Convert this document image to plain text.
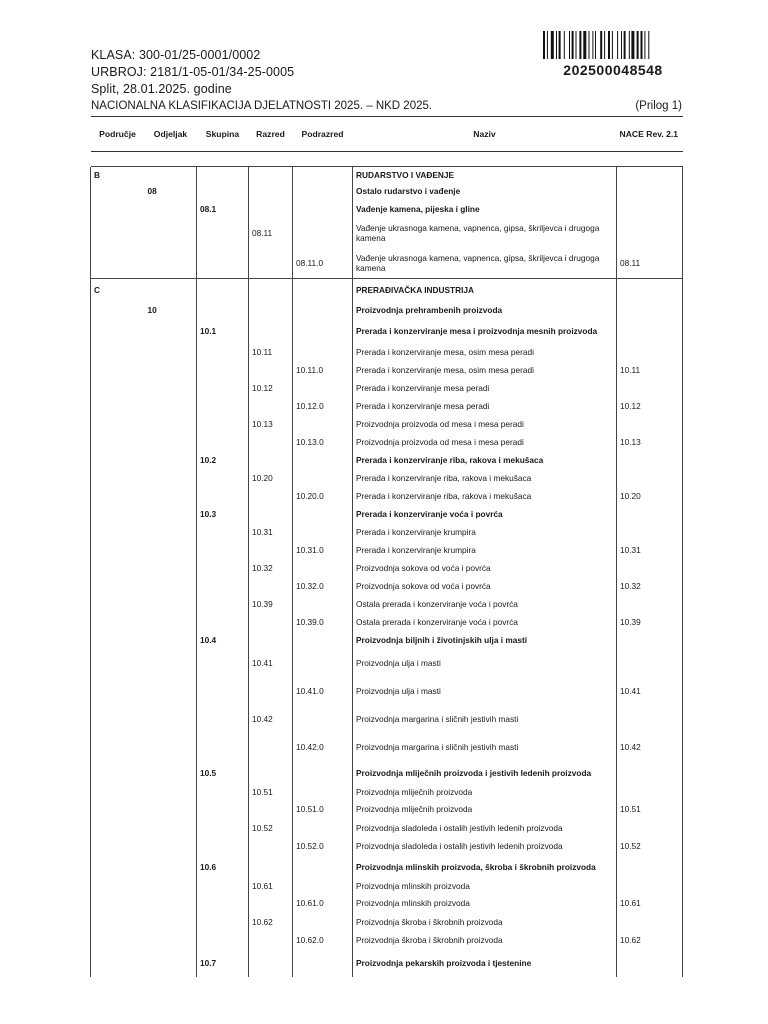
KLASA: 300-01/25-0001/0002
URBROJ: 2181/1-05-01/34-25-0005
Split, 28.01.2025. godine
202500048548
NACIONALNA KLASIFIKACIJA DJELATNOSTI 2025. – NKD 2025.	(Prilog 1)
Područje	Odjeljak	Skupina	Razred	Podrazred	Naziv	NACE Rev. 2.1

B					RUDARSTVO I VAĐENJE	
	08				Ostalo rudarstvo i vađenje	
		08.1			Vađenje kamena, pijeska i gline	
			08.11		Vađenje ukrasnoga kamena, vapnenca, gipsa, škriljevca i drugoga kamena	
				08.11.0	Vađenje ukrasnoga kamena, vapnenca, gipsa, škriljevca i drugoga kamena	08.11

C					PRERAĐIVAČKA INDUSTRIJA	
	10				Proizvodnja prehrambenih proizvoda	
		10.1			Prerada i konzerviranje mesa i proizvodnja mesnih proizvoda	
			10.11		Prerada i konzerviranje mesa, osim mesa peradi	
				10.11.0	Prerada i konzerviranje mesa, osim mesa peradi	10.11
			10.12		Prerada i konzerviranje mesa peradi	
				10.12.0	Prerada i konzerviranje mesa peradi	10.12
			10.13		Proizvodnja proizvoda od mesa i mesa peradi	
				10.13.0	Proizvodnja proizvoda od mesa i mesa peradi	10.13
		10.2			Prerada i konzerviranje riba, rakova i mekušaca	
			10.20		Prerada i konzerviranje riba, rakova i mekušaca	
				10.20.0	Prerada i konzerviranje riba, rakova i mekušaca	10.20
		10.3			Prerada i konzerviranje voća i povrća	
			10.31		Prerada i konzerviranje krumpira	
				10.31.0	Prerada i konzerviranje krumpira	10.31
			10.32		Proizvodnja sokova od voća i povrća	
				10.32.0	Proizvodnja sokova od voća i povrća	10.32
			10.39		Ostala prerada i konzerviranje voća i povrća	
				10.39.0	Ostala prerada i konzerviranje voća i povrća	10.39
		10.4			Proizvodnja biljnih i životinjskih ulja i masti	
			10.41		Proizvodnja ulja i masti	
				10.41.0	Proizvodnja ulja i masti	10.41
			10.42		Proizvodnja margarina i sličnih jestivih masti	
				10.42.0	Proizvodnja margarina i sličnih jestivih masti	10.42
		10.5			Proizvodnja mliječnih proizvoda i jestivih ledenih proizvoda	
			10.51		Proizvodnja mliječnih proizvoda	
				10.51.0	Proizvodnja mliječnih proizvoda	10.51
			10.52		Proizvodnja sladoleda i ostalih jestivih ledenih proizvoda	
				10.52.0	Proizvodnja sladoleda i ostalih jestivih ledenih proizvoda	10.52
		10.6			Proizvodnja mlinskih proizvoda, škroba i škrobnih proizvoda	
			10.61		Proizvodnja mlinskih proizvoda	
				10.61.0	Proizvodnja mlinskih proizvoda	10.61
			10.62		Proizvodnja škroba i škrobnih proizvoda	
				10.62.0	Proizvodnja škroba i škrobnih proizvoda	10.62
		10.7			Proizvodnja pekarskih proizvoda i tjestenine	
